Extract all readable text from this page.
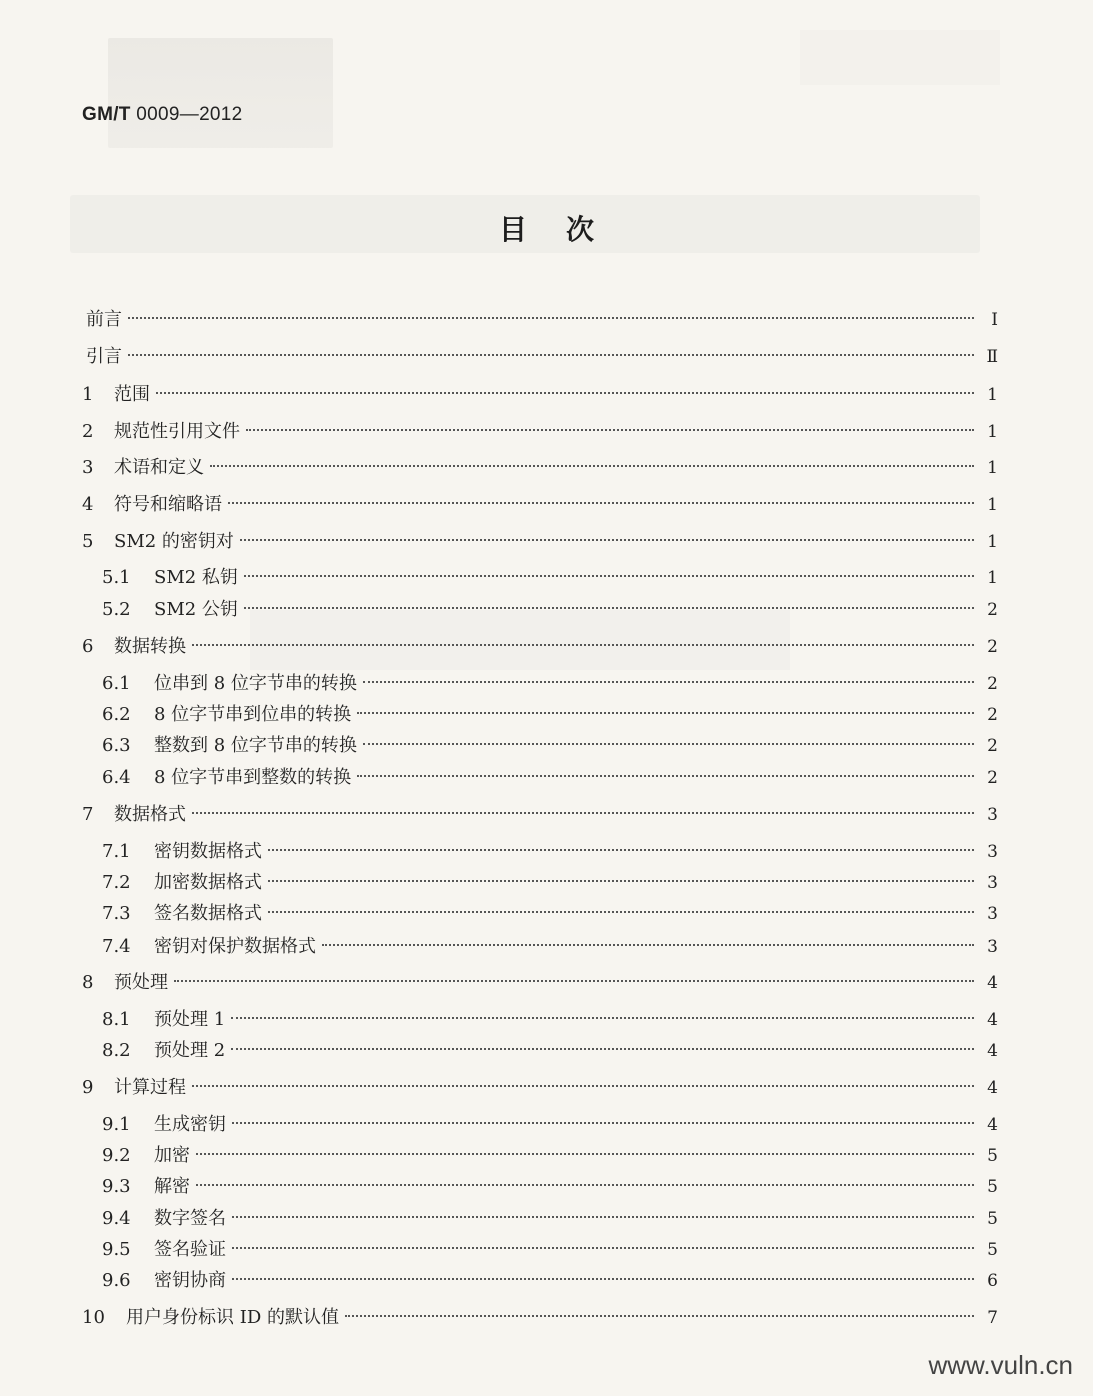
GM/T 0009—2012
目    次
前言	Ⅰ
引言	Ⅱ
1	范围	1
2	规范性引用文件	1
3	术语和定义	1
4	符号和缩略语	1
5	SM2 的密钥对	1
5.1	SM2 私钥	1
5.2	SM2 公钥	2
6	数据转换	2
6.1	位串到 8 位字节串的转换	2
6.2	8 位字节串到位串的转换	2
6.3	整数到 8 位字节串的转换	2
6.4	8 位字节串到整数的转换	2
7	数据格式	3
7.1	密钥数据格式	3
7.2	加密数据格式	3
7.3	签名数据格式	3
7.4	密钥对保护数据格式	3
8	预处理	4
8.1	预处理 1	4
8.2	预处理 2	4
9	计算过程	4
9.1	生成密钥	4
9.2	加密	5
9.3	解密	5
9.4	数字签名	5
9.5	签名验证	5
9.6	密钥协商	6
10	用户身份标识 ID 的默认值	7
www.vuln.cn
